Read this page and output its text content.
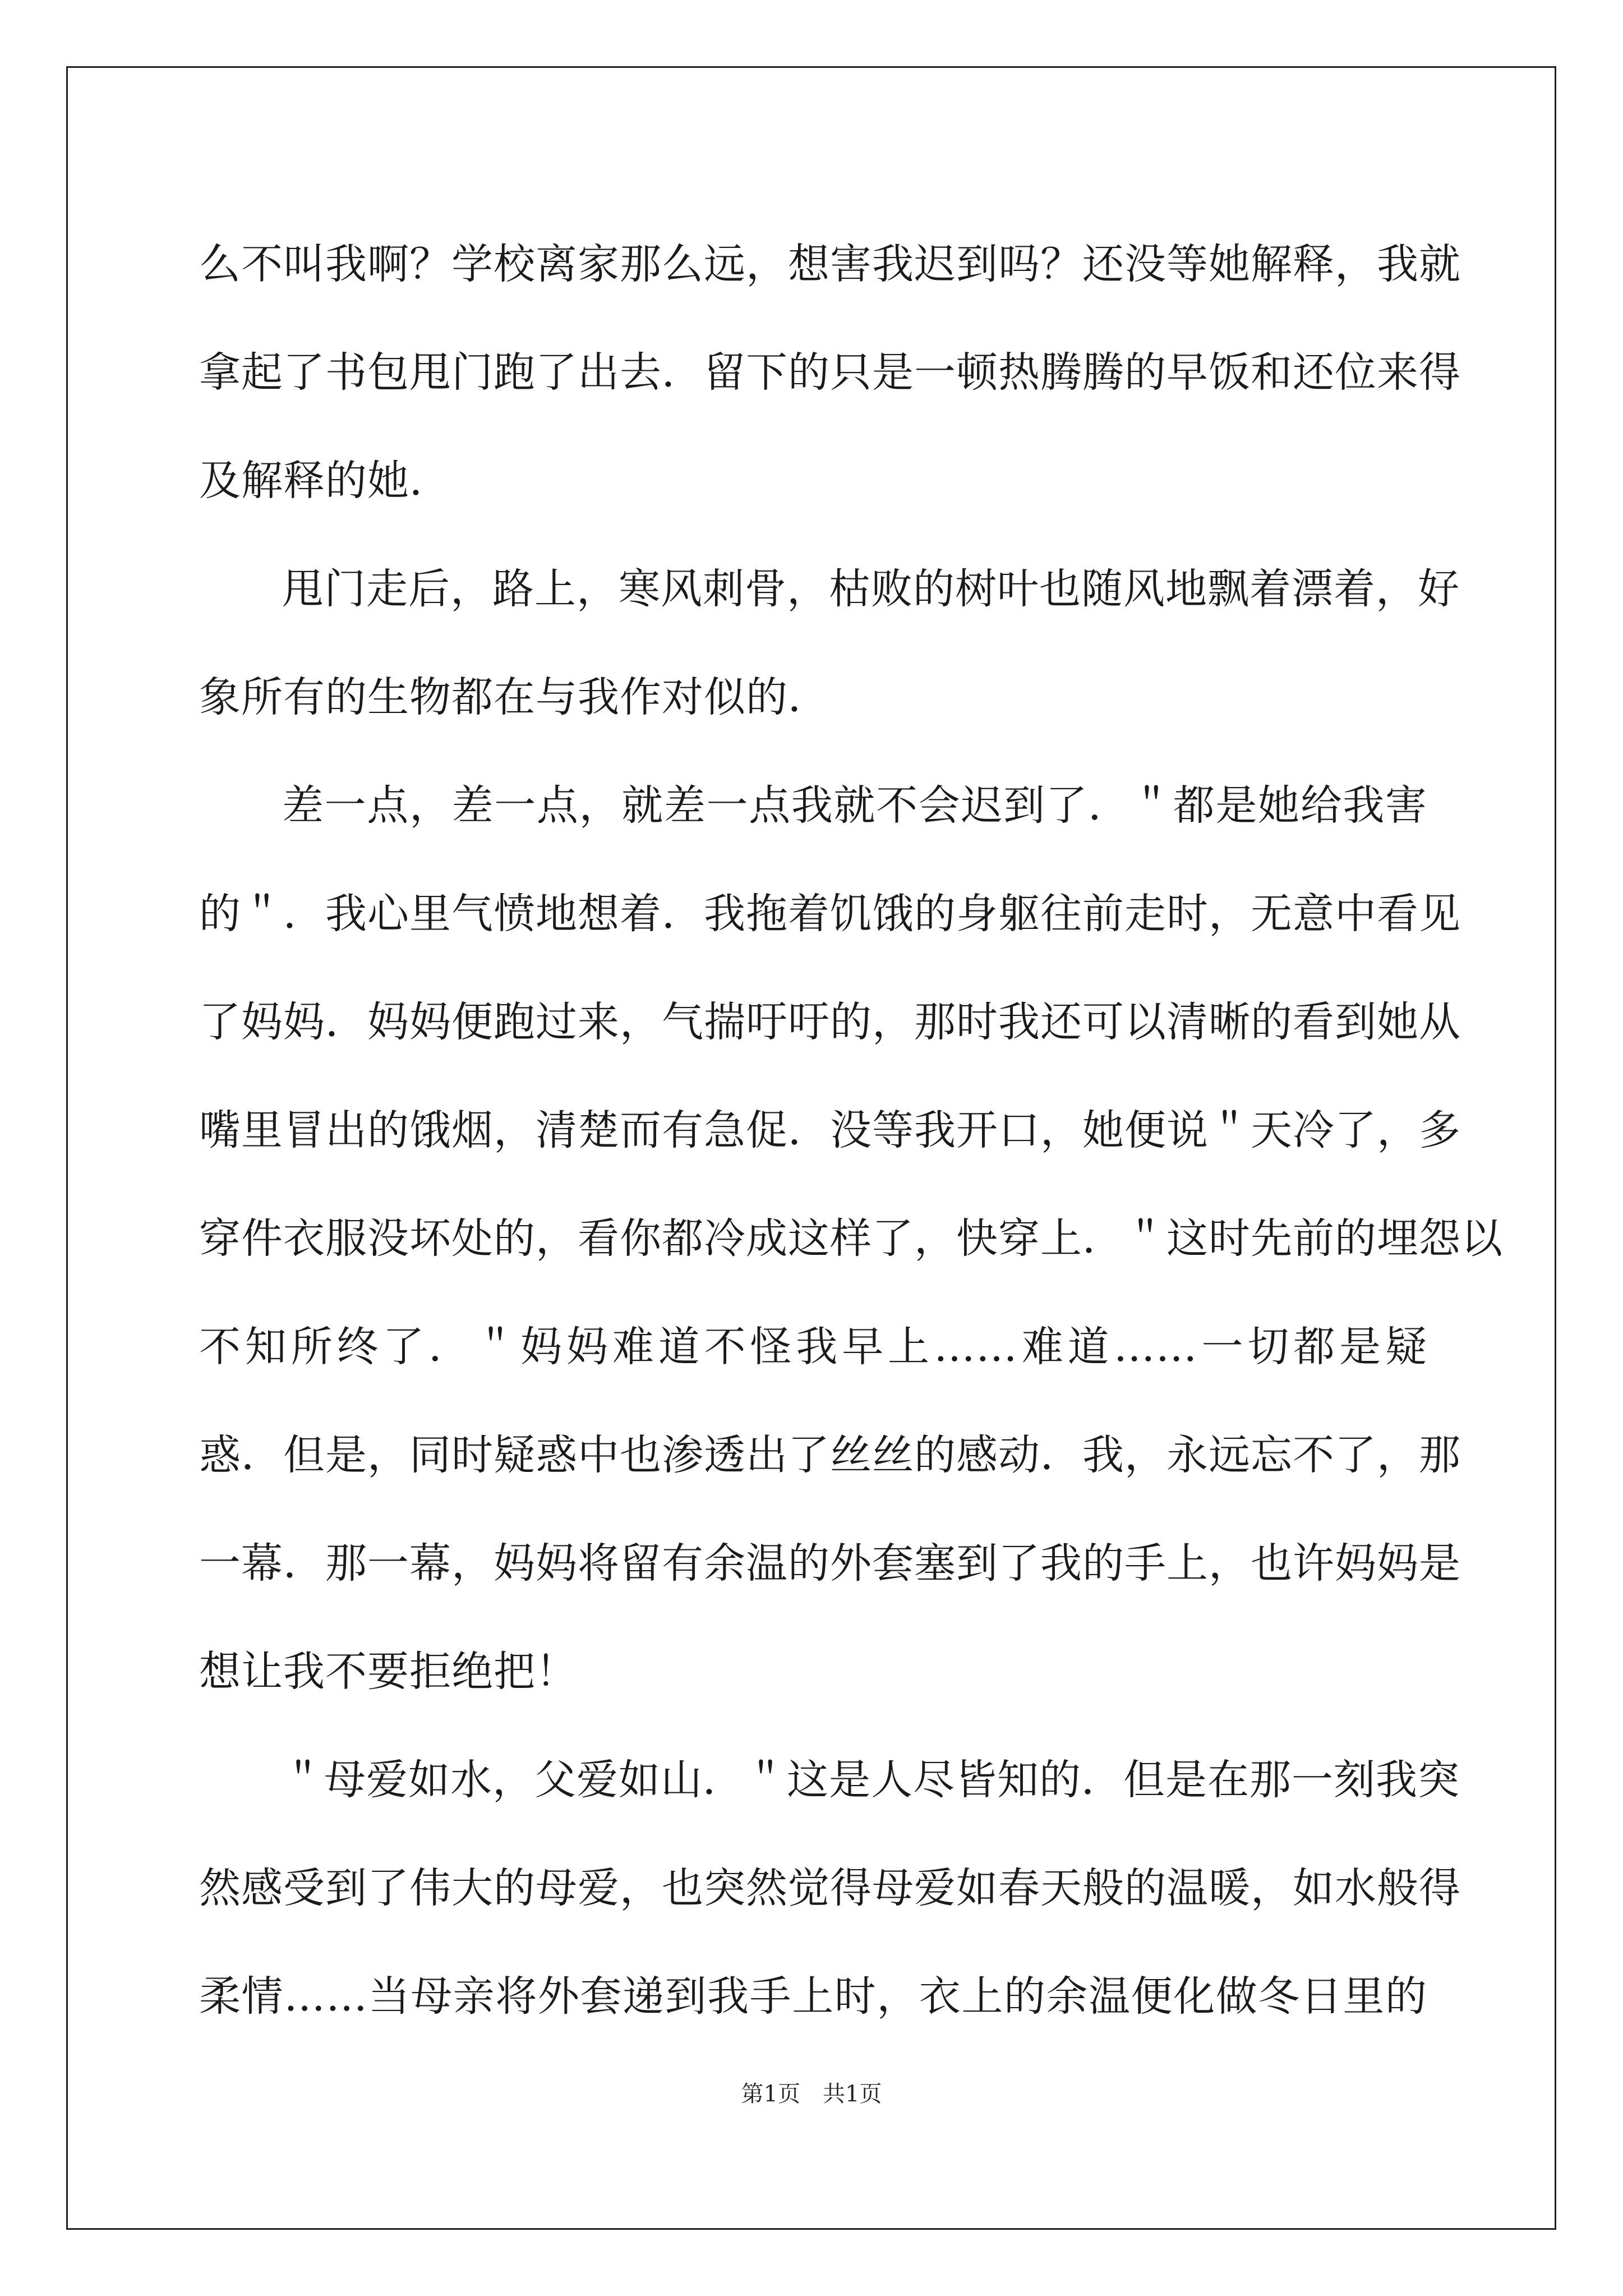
么不叫我啊？学校离家那么远，想害我迟到吗？还没等她解释，我就
拿起了书包甩门跑了出去．留下的只是一顿热腾腾的早饭和还位来得
及解释的她．
甩门走后，路上，寒风刺骨，枯败的树叶也随风地飘着漂着，好
象所有的生物都在与我作对似的．
差一点，差一点，就差一点我就不会迟到了．＂都是她给我害
的＂．我心里气愤地想着．我拖着饥饿的身躯往前走时，无意中看见
了妈妈．妈妈便跑过来，气揣吁吁的，那时我还可以清晰的看到她从
嘴里冒出的饿烟，清楚而有急促．没等我开口，她便说＂天冷了，多
穿件衣服没坏处的，看你都冷成这样了，快穿上．＂这时先前的埋怨以
不知所终了．＂妈妈难道不怪我早上……难道……一切都是疑
惑．但是，同时疑惑中也渗透出了丝丝的感动．我，永远忘不了，那
一幕．那一幕，妈妈将留有余温的外套塞到了我的手上，也许妈妈是
想让我不要拒绝把！
＂母爱如水，父爱如山．＂这是人尽皆知的．但是在那一刻我突
然感受到了伟大的母爱，也突然觉得母爱如春天般的温暖，如水般得
柔情……当母亲将外套递到我手上时，衣上的余温便化做冬日里的
第1页　共1页
